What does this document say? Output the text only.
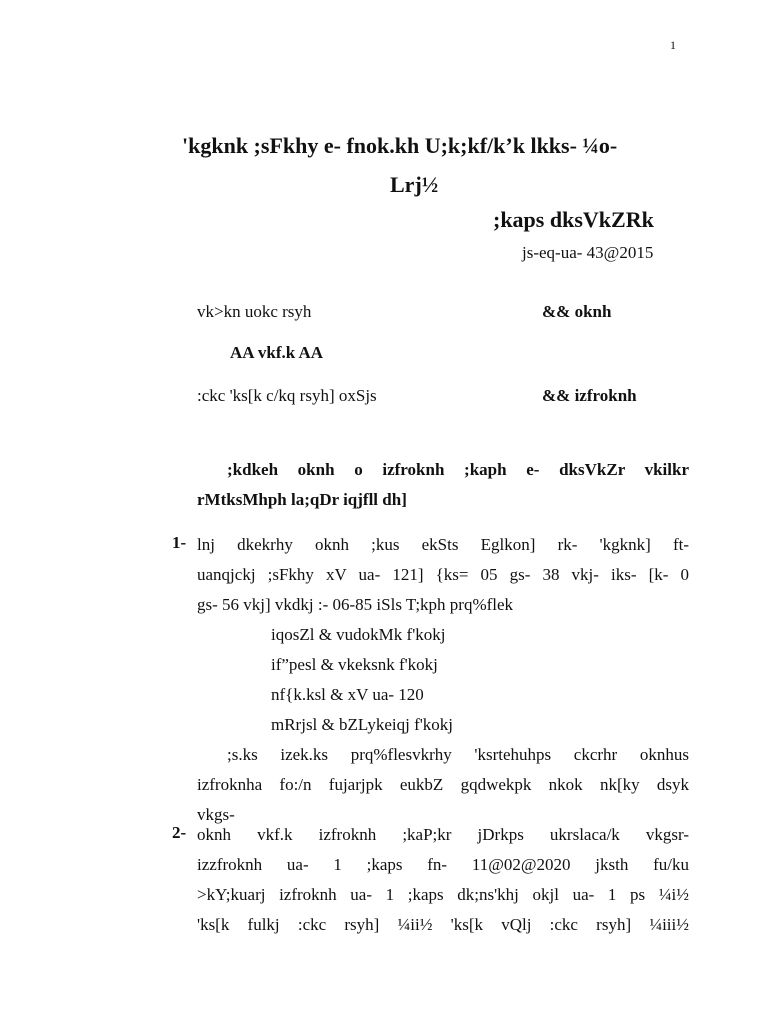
1
'kgknk ;sFkhy e- fnok.kh U;k;kf/k’k lkks- ¼o-
Lrj½
;kaps dksVkZRk
js-eq-ua- 43@2015
vk>kn uokc rsyh	&& oknh
AA vkf.k AA
:ckc 'ks[k c/kq rsyh] oxSjs	&& izfroknh
;kdkeh oknh o izfroknh ;kaph e- dksVkZr vkilkr
rMtksMhph la;qDr iqjfll dh]
1- lnj dkekrhy oknh ;kus ekSts Eglkon] rk- 'kgknk] ft-
uanqjckj ;sFkhy xV ua- 121] {ks= 05 gs- 38 vkj- iks- [k- 0
gs- 56 vkj] vkdkj :- 06-85 iSls T;kph prq%flek
iqosZl & vudokMk f'kokj
if”pesl & vkeksnk f'kokj
nf{k.ksl & xV ua- 120
mRrjsl & bZLykeiqj f'kokj
;s.ks izek.ks prq%flesvkrhy 'ksrtehuhps ckcrhr oknhus
izfroknha fo:/n fujarjpk eukbZ gqdwekpk nkok nk[ky dsyk
vkgs-
2- oknh vkf.k izfroknh ;kaP;kr jDrkps ukrslaca/k vkgsr-
izzfroknh ua- 1 ;kaps fn- 11@02@2020 jksth fu/ku
>kY;kuarj izfroknh ua- 1 ;kaps dk;ns'khj okjl ua- 1 ps ¼i½
'ks[k fulkj :ckc rsyh] ¼ii½ 'ks[k vQlj :ckc rsyh] ¼iii½
